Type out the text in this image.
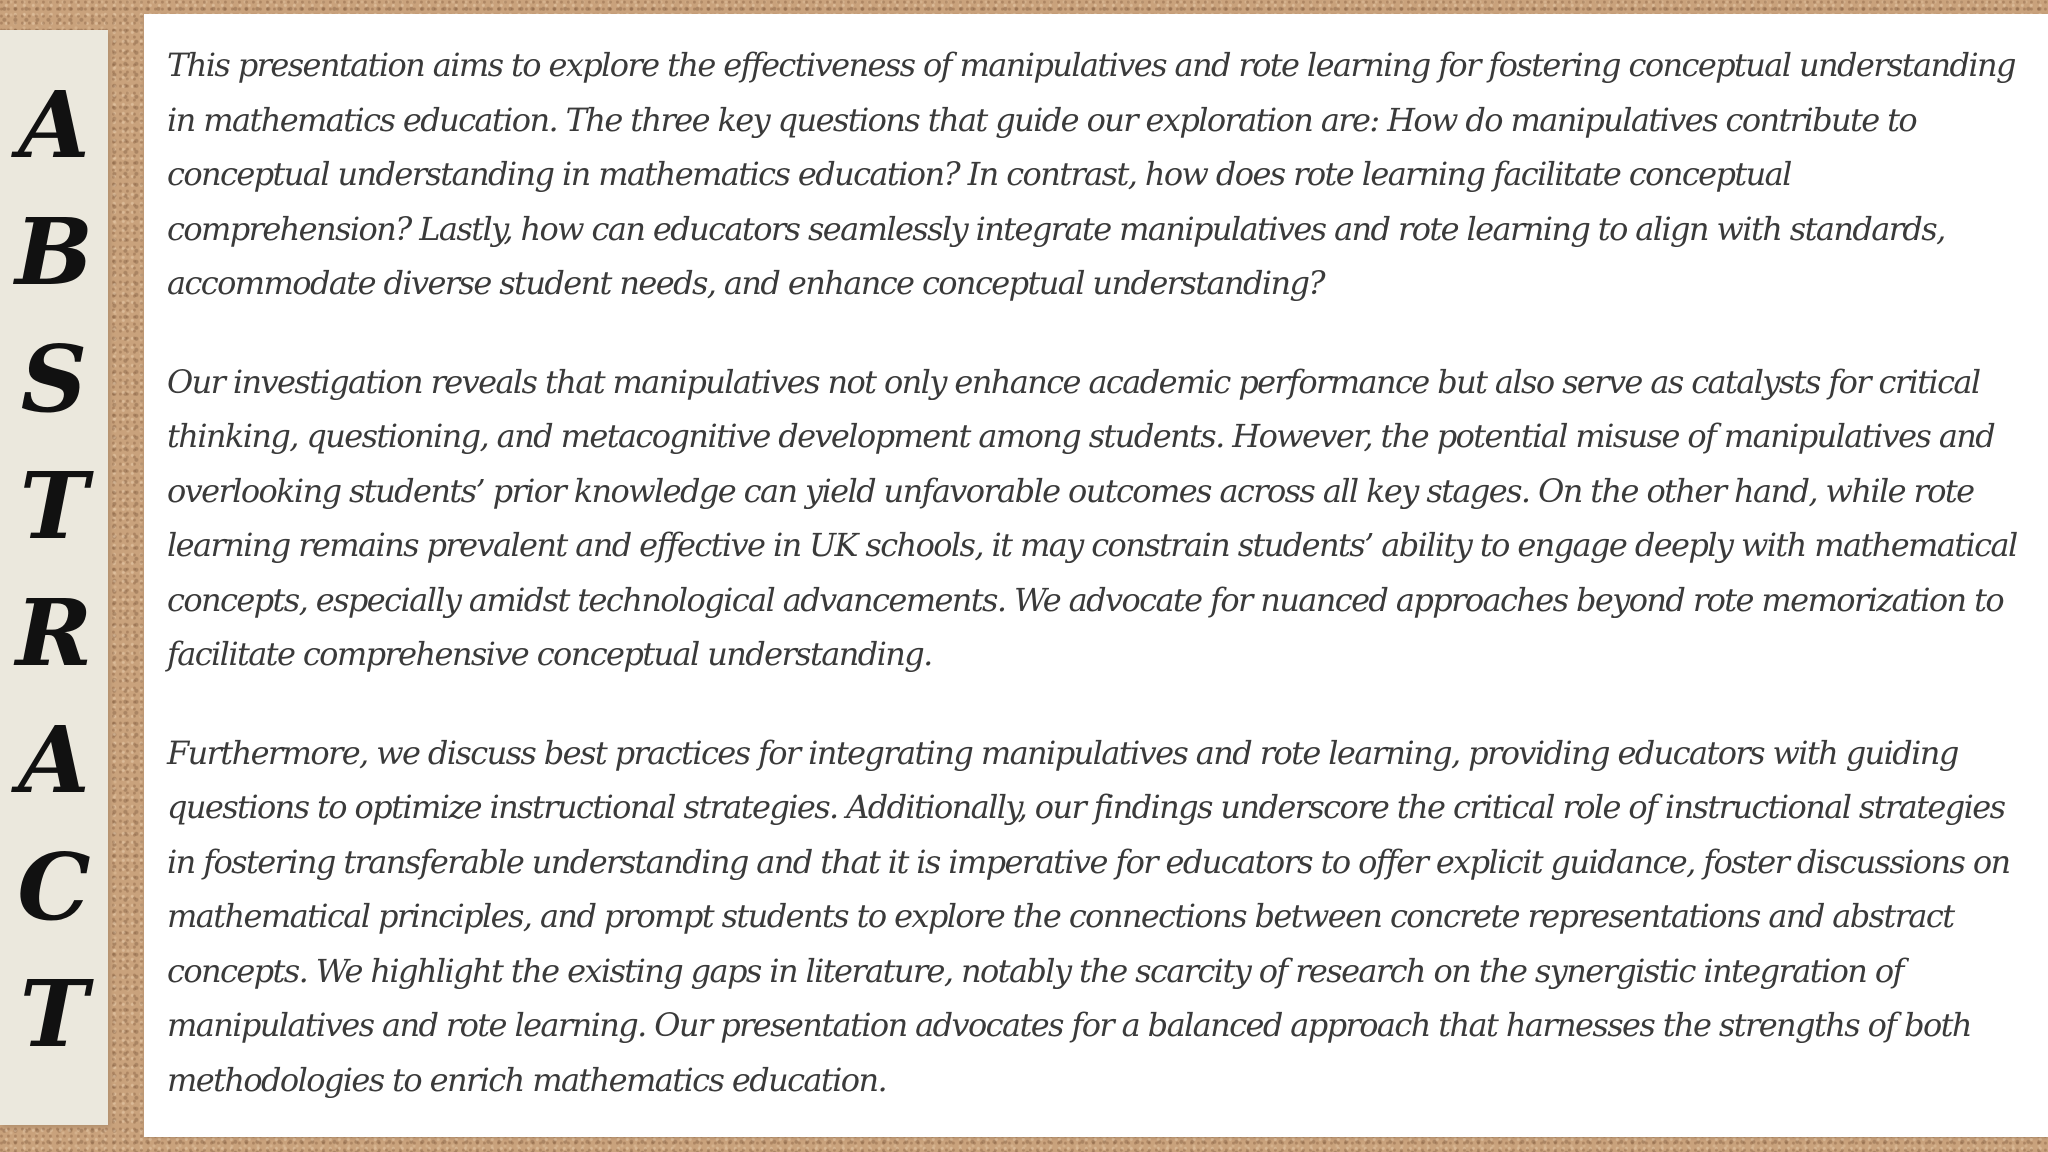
A
B
S
T
R
A
C
T

This presentation aims to explore the effectiveness of manipulatives and rote learning for fostering conceptual understanding in mathematics education. The three key questions that guide our exploration are: How do manipulatives contribute to conceptual understanding in mathematics education? In contrast, how does rote learning facilitate conceptual comprehension? Lastly, how can educators seamlessly integrate manipulatives and rote learning to align with standards, accommodate diverse student needs, and enhance conceptual understanding?

Our investigation reveals that manipulatives not only enhance academic performance but also serve as catalysts for critical thinking, questioning, and metacognitive development among students. However, the potential misuse of manipulatives and overlooking students’ prior knowledge can yield unfavorable outcomes across all key stages. On the other hand, while rote learning remains prevalent and effective in UK schools, it may constrain students’ ability to engage deeply with mathematical concepts, especially amidst technological advancements. We advocate for nuanced approaches beyond rote memorization to facilitate comprehensive conceptual understanding.

Furthermore, we discuss best practices for integrating manipulatives and rote learning, providing educators with guiding questions to optimize instructional strategies. Additionally, our findings underscore the critical role of instructional strategies in fostering transferable understanding and that it is imperative for educators to offer explicit guidance, foster discussions on mathematical principles, and prompt students to explore the connections between concrete representations and abstract concepts. We highlight the existing gaps in literature, notably the scarcity of research on the synergistic integration of manipulatives and rote learning. Our presentation advocates for a balanced approach that harnesses the strengths of both methodologies to enrich mathematics education.
